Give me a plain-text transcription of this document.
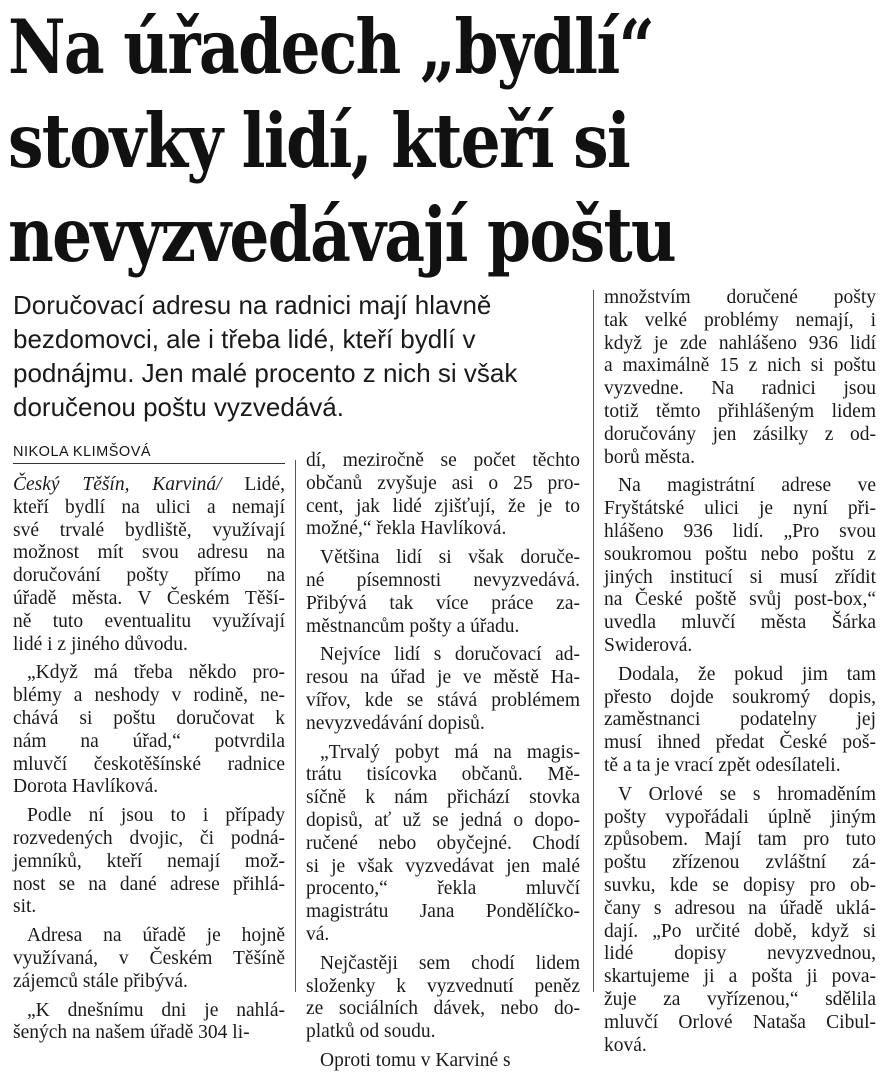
Na úřadech „bydlí“
stovky lidí, kteří si
nevyzvedávají poštu
Doručovací adresu na radnici mají hlavně
bezdomovci, ale i třeba lidé, kteří bydlí v
podnájmu. Jen malé procento z nich si však
doručenou poštu vyzvedává.
NIKOLA KLIMŠOVÁ
Český Těšín, Karviná/ Lidé,
kteří bydlí na ulici a nemají
své trvalé bydliště, využívají
možnost mít svou adresu na
doručování pošty přímo na
úřadě města. V Českém Těší-
ně tuto eventualitu využívají
lidé i z jiného důvodu.
„Když má třeba někdo pro-
blémy a neshody v rodině, ne-
chává si poštu doručovat k
nám na úřad,“ potvrdila
mluvčí českotěšínské radnice
Dorota Havlíková.
Podle ní jsou to i případy
rozvedených dvojic, či podná-
jemníků, kteří nemají mož-
nost se na dané adrese přihlá-
sit.
Adresa na úřadě je hojně
využívaná, v Českém Těšíně
zájemců stále přibývá.
„K dnešnímu dni je nahlá-
šených na našem úřadě 304 li-
dí, meziročně se počet těchto
občanů zvyšuje asi o 25 pro-
cent, jak lidé zjišťují, že je to
možné,“ řekla Havlíková.
Většina lidí si však doruče-
né písemnosti nevyzvedává.
Přibývá tak více práce za-
městnancům pošty a úřadu.
Nejvíce lidí s doručovací ad-
resou na úřad je ve městě Ha-
vířov, kde se stává problémem
nevyzvedávání dopisů.
„Trvalý pobyt má na magis-
trátu tisícovka občanů. Mě-
síčně k nám přichází stovka
dopisů, ať už se jedná o dopo-
ručené nebo obyčejné. Chodí
si je však vyzvedávat jen malé
procento,“ řekla mluvčí
magistrátu Jana Pondělíčko-
vá.
Nejčastěji sem chodí lidem
složenky k vyzvednutí peněz
ze sociálních dávek, nebo do-
platků od soudu.
Oproti tomu v Karviné s
množstvím doručené pošty
tak velké problémy nemají, i
když je zde nahlášeno 936 lidí
a maximálně 15 z nich si poštu
vyzvedne. Na radnici jsou
totiž těmto přihlášeným lidem
doručovány jen zásilky z od-
borů města.
Na magistrátní adrese ve
Fryštátské ulici je nyní při-
hlášeno 936 lidí. „Pro svou
soukromou poštu nebo poštu z
jiných institucí si musí zřídit
na České poště svůj post-box,“
uvedla mluvčí města Šárka
Swiderová.
Dodala, že pokud jim tam
přesto dojde soukromý dopis,
zaměstnanci podatelny jej
musí ihned předat České poš-
tě a ta je vrací zpět odesílateli.
V Orlové se s hromaděním
pošty vypořádali úplně jiným
způsobem. Mají tam pro tuto
poštu zřízenou zvláštní zá-
suvku, kde se dopisy pro ob-
čany s adresou na úřadě uklá-
dají. „Po určité době, když si
lidé dopisy nevyzvednou,
skartujeme ji a pošta ji pova-
žuje za vyřízenou,“ sdělila
mluvčí Orlové Nataša Cibul-
ková.
